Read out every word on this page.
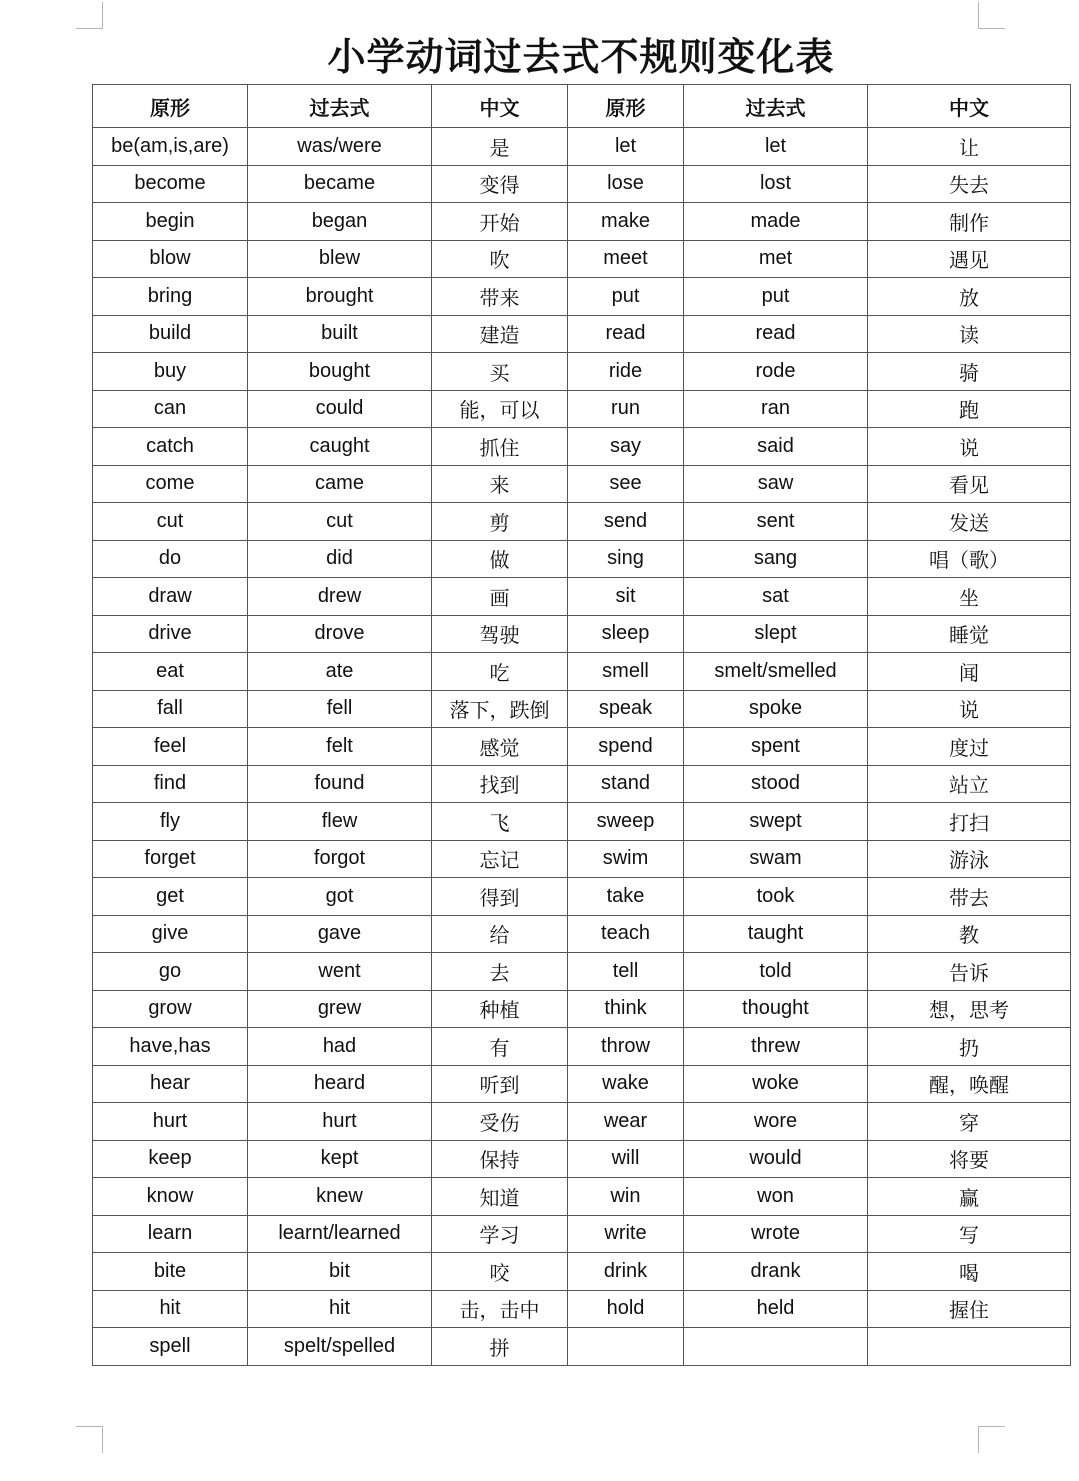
小学动词过去式不规则变化表
原形	过去式	中文	原形	过去式	中文
be(am,is,are)	was/were	是	let	let	让
become	became	变得	lose	lost	失去
begin	began	开始	make	made	制作
blow	blew	吹	meet	met	遇见
bring	brought	带来	put	put	放
build	built	建造	read	read	读
buy	bought	买	ride	rode	骑
can	could	能，可以	run	ran	跑
catch	caught	抓住	say	said	说
come	came	来	see	saw	看见
cut	cut	剪	send	sent	发送
do	did	做	sing	sang	唱（歌）
draw	drew	画	sit	sat	坐
drive	drove	驾驶	sleep	slept	睡觉
eat	ate	吃	smell	smelt/smelled	闻
fall	fell	落下，跌倒	speak	spoke	说
feel	felt	感觉	spend	spent	度过
find	found	找到	stand	stood	站立
fly	flew	飞	sweep	swept	打扫
forget	forgot	忘记	swim	swam	游泳
get	got	得到	take	took	带去
give	gave	给	teach	taught	教
go	went	去	tell	told	告诉
grow	grew	种植	think	thought	想，思考
have,has	had	有	throw	threw	扔
hear	heard	听到	wake	woke	醒，唤醒
hurt	hurt	受伤	wear	wore	穿
keep	kept	保持	will	would	将要
know	knew	知道	win	won	赢
learn	learnt/learned	学习	write	wrote	写
bite	bit	咬	drink	drank	喝
hit	hit	击，击中	hold	held	握住
spell	spelt/spelled	拼			
